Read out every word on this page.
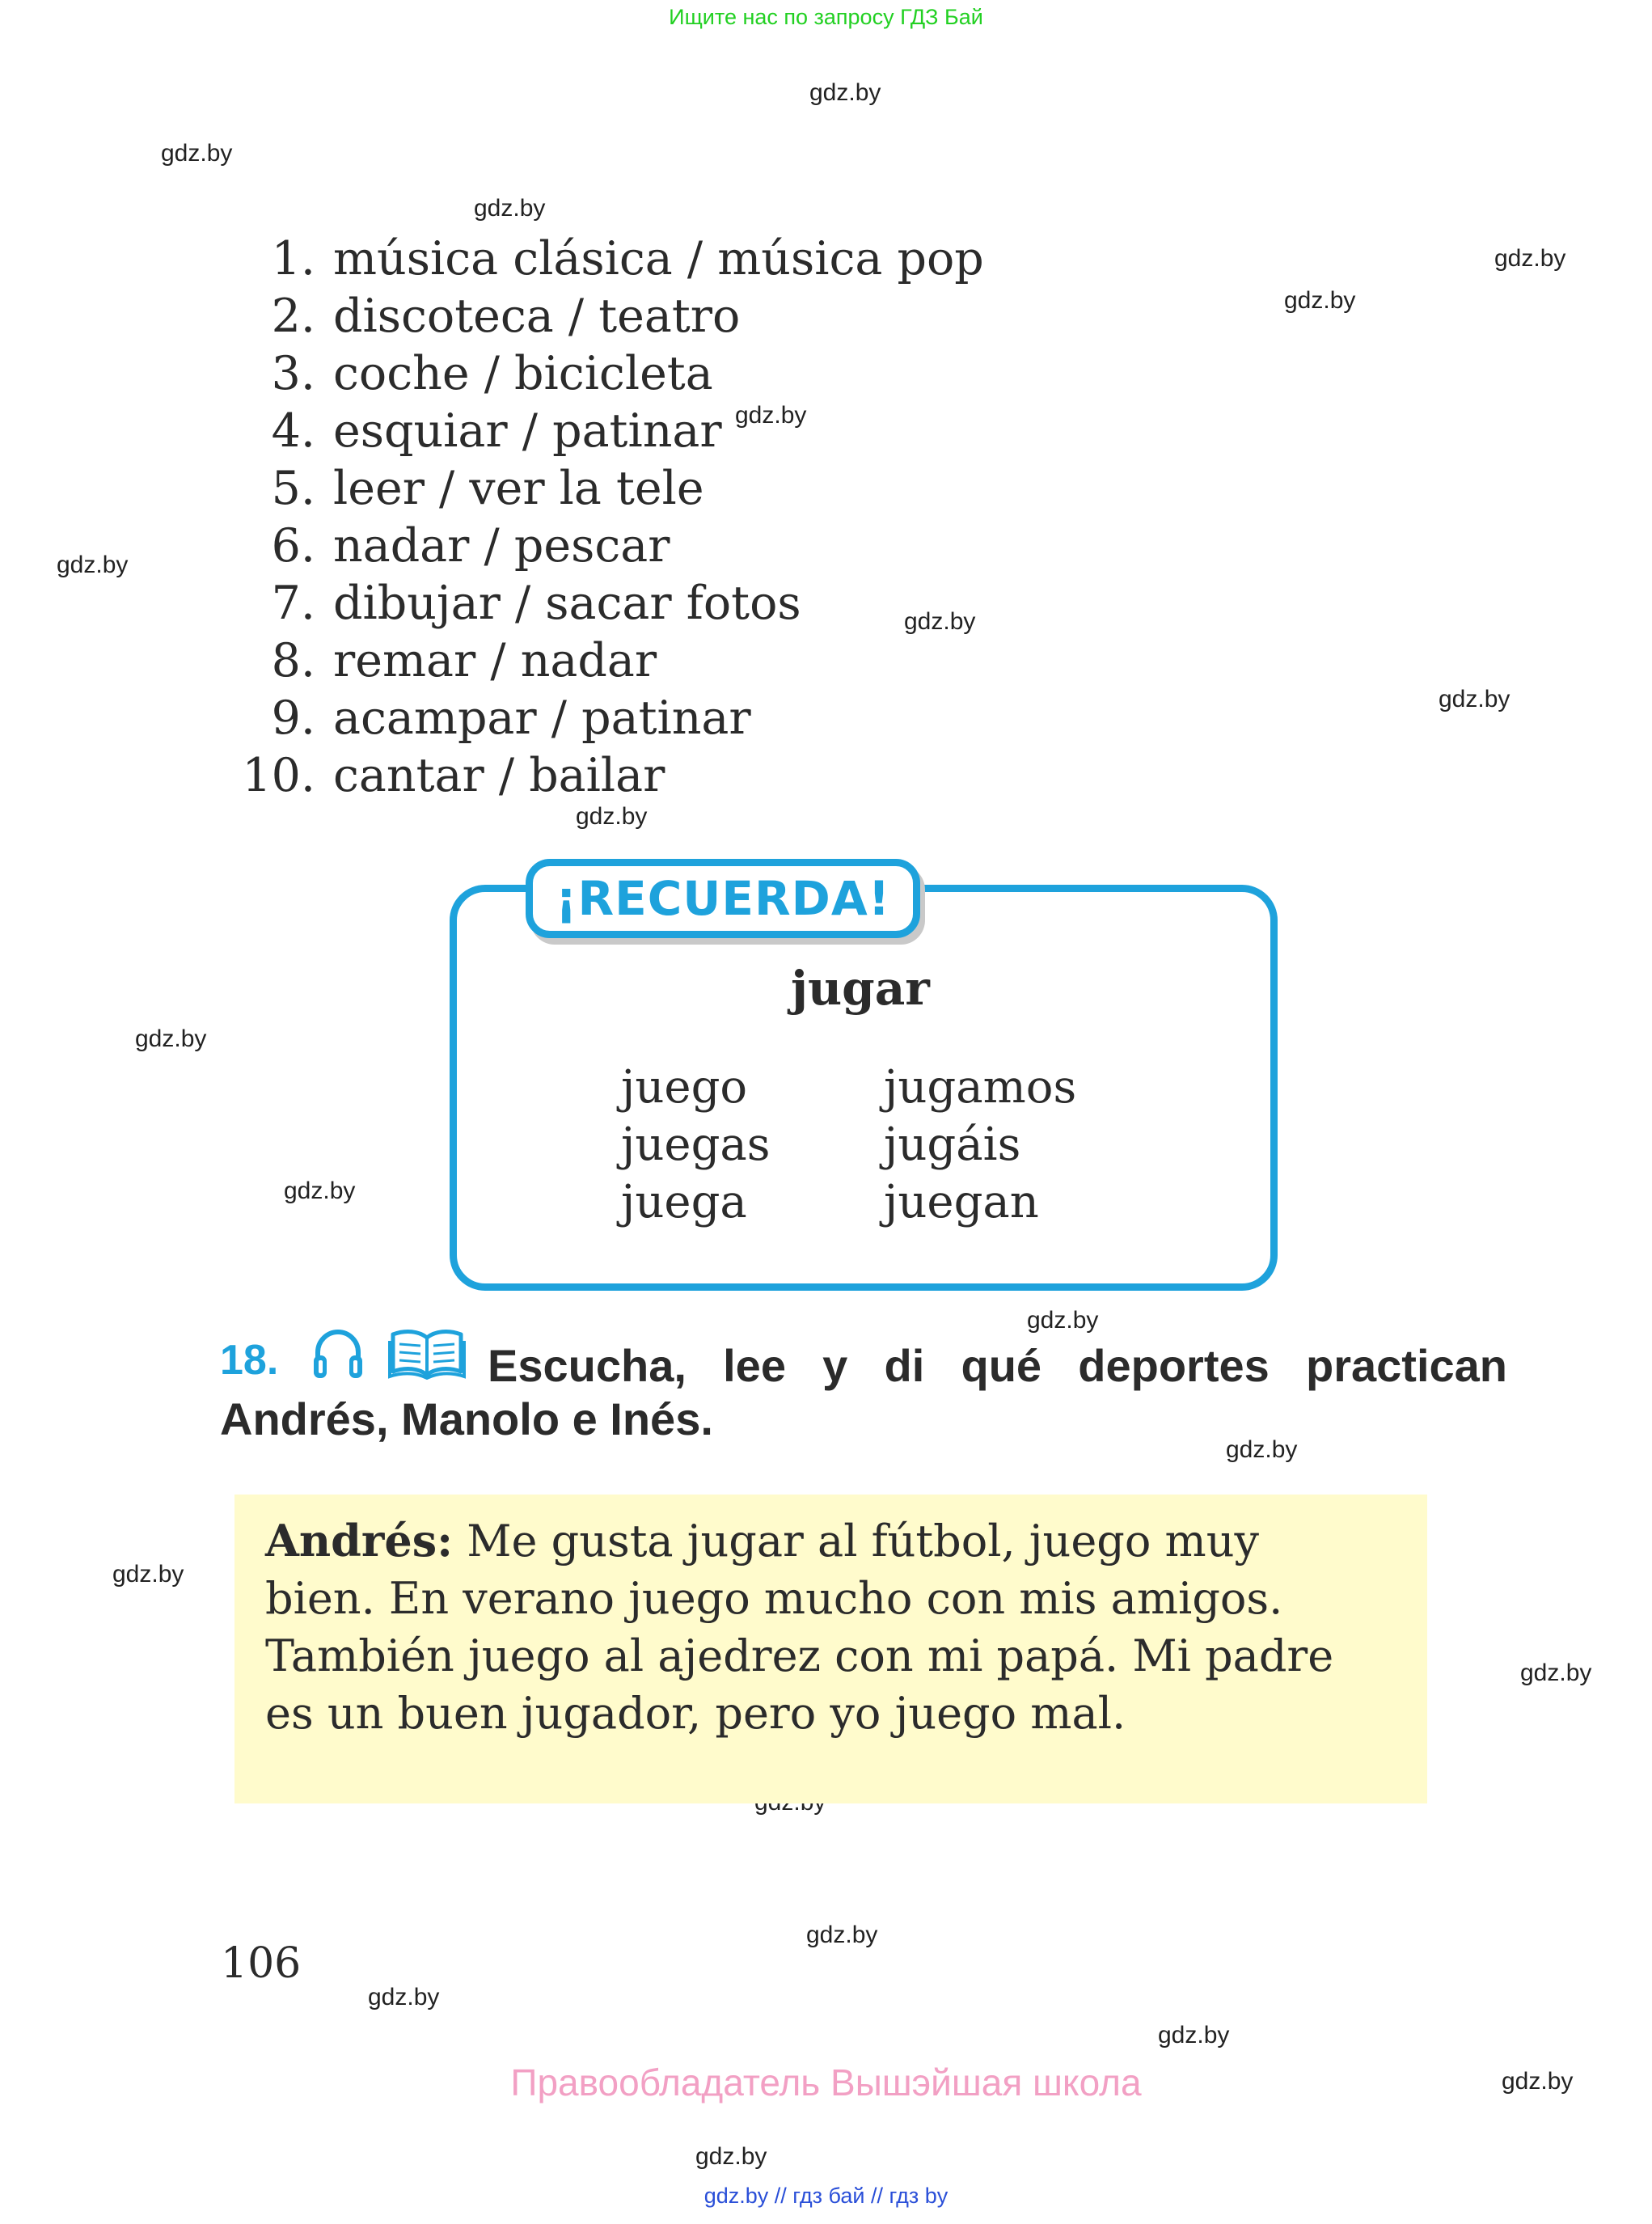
Ищите нас по запросу ГДЗ Бай
gdz.by
gdz.by
gdz.by
gdz.by
gdz.by
gdz.by
gdz.by
gdz.by
gdz.by
gdz.by
gdz.by
gdz.by
gdz.by
gdz.by
gdz.by
gdz.by
gdz.by
gdz.by
gdz.by
gdz.by
gdz.by
1. música clásica / música pop
2. discoteca / teatro
3. coche / bicicleta
4. esquiar / patinar
5. leer / ver la tele
6. nadar / pescar
7. dibujar / sacar fotos
8. remar / nadar
9. acampar / patinar
10. cantar / bailar
¡RECUERDA!
jugar
juego
juegas
juega
jugamos
jugáis
juegan
18.	Escucha, lee y di qué deportes practican
Andrés, Manolo e Inés.

Andrés: Me gusta jugar al fútbol, juego muy

bien. En verano juego mucho con mis amigos.

También juego al ajedrez con mi papá. Mi padre

es un buen jugador, pero yo juego mal.

106
Правообладатель Вышэйшая школа
gdz.by // гдз бай // гдз by
